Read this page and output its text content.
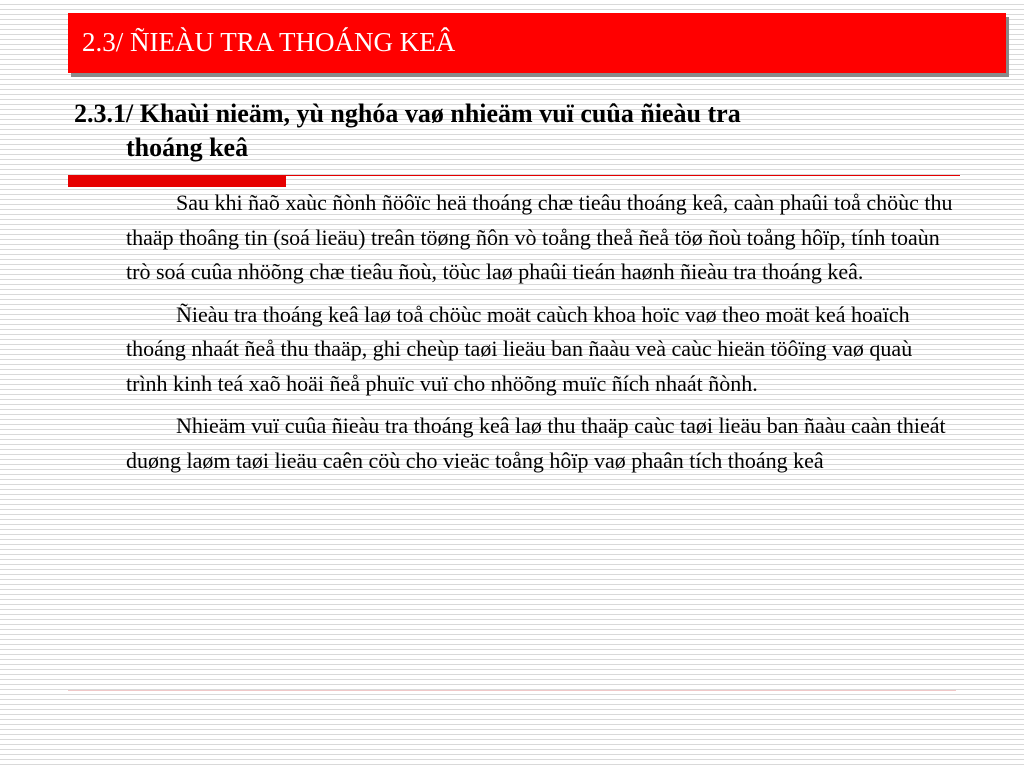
2.3/ ÑIEÀU TRA THOÁNG KEÂ
2.3.1/ Khaùi nieäm, yù nghóa vaø nhieäm vuï cuûa ñieàu tra
thoáng keâ

Sau khi ñaõ xaùc ñònh ñöôïc heä thoáng chæ tieâu thoáng keâ, caàn phaûi toå chöùc thu thaäp thoâng tin (soá lieäu) treân töøng ñôn vò toång theå ñeå töø ñoù toång hôïp, tính toaùn trò soá cuûa nhöõng chæ tieâu ñoù, töùc laø phaûi tieán haønh ñieàu tra thoáng keâ.

Ñieàu tra thoáng keâ laø toå chöùc moät caùch khoa hoïc vaø theo moät keá hoaïch thoáng nhaát ñeå thu thaäp, ghi cheùp taøi lieäu ban ñaàu veà caùc hieän töôïng vaø quaù trình kinh teá xaõ hoäi ñeå phuïc vuï cho nhöõng muïc ñích nhaát ñònh.

Nhieäm vuï cuûa ñieàu tra thoáng keâ laø thu thaäp caùc taøi lieäu ban ñaàu caàn thieát duøng laøm taøi lieäu caên cöù cho vieäc toång hôïp vaø phaân tích thoáng keâ
